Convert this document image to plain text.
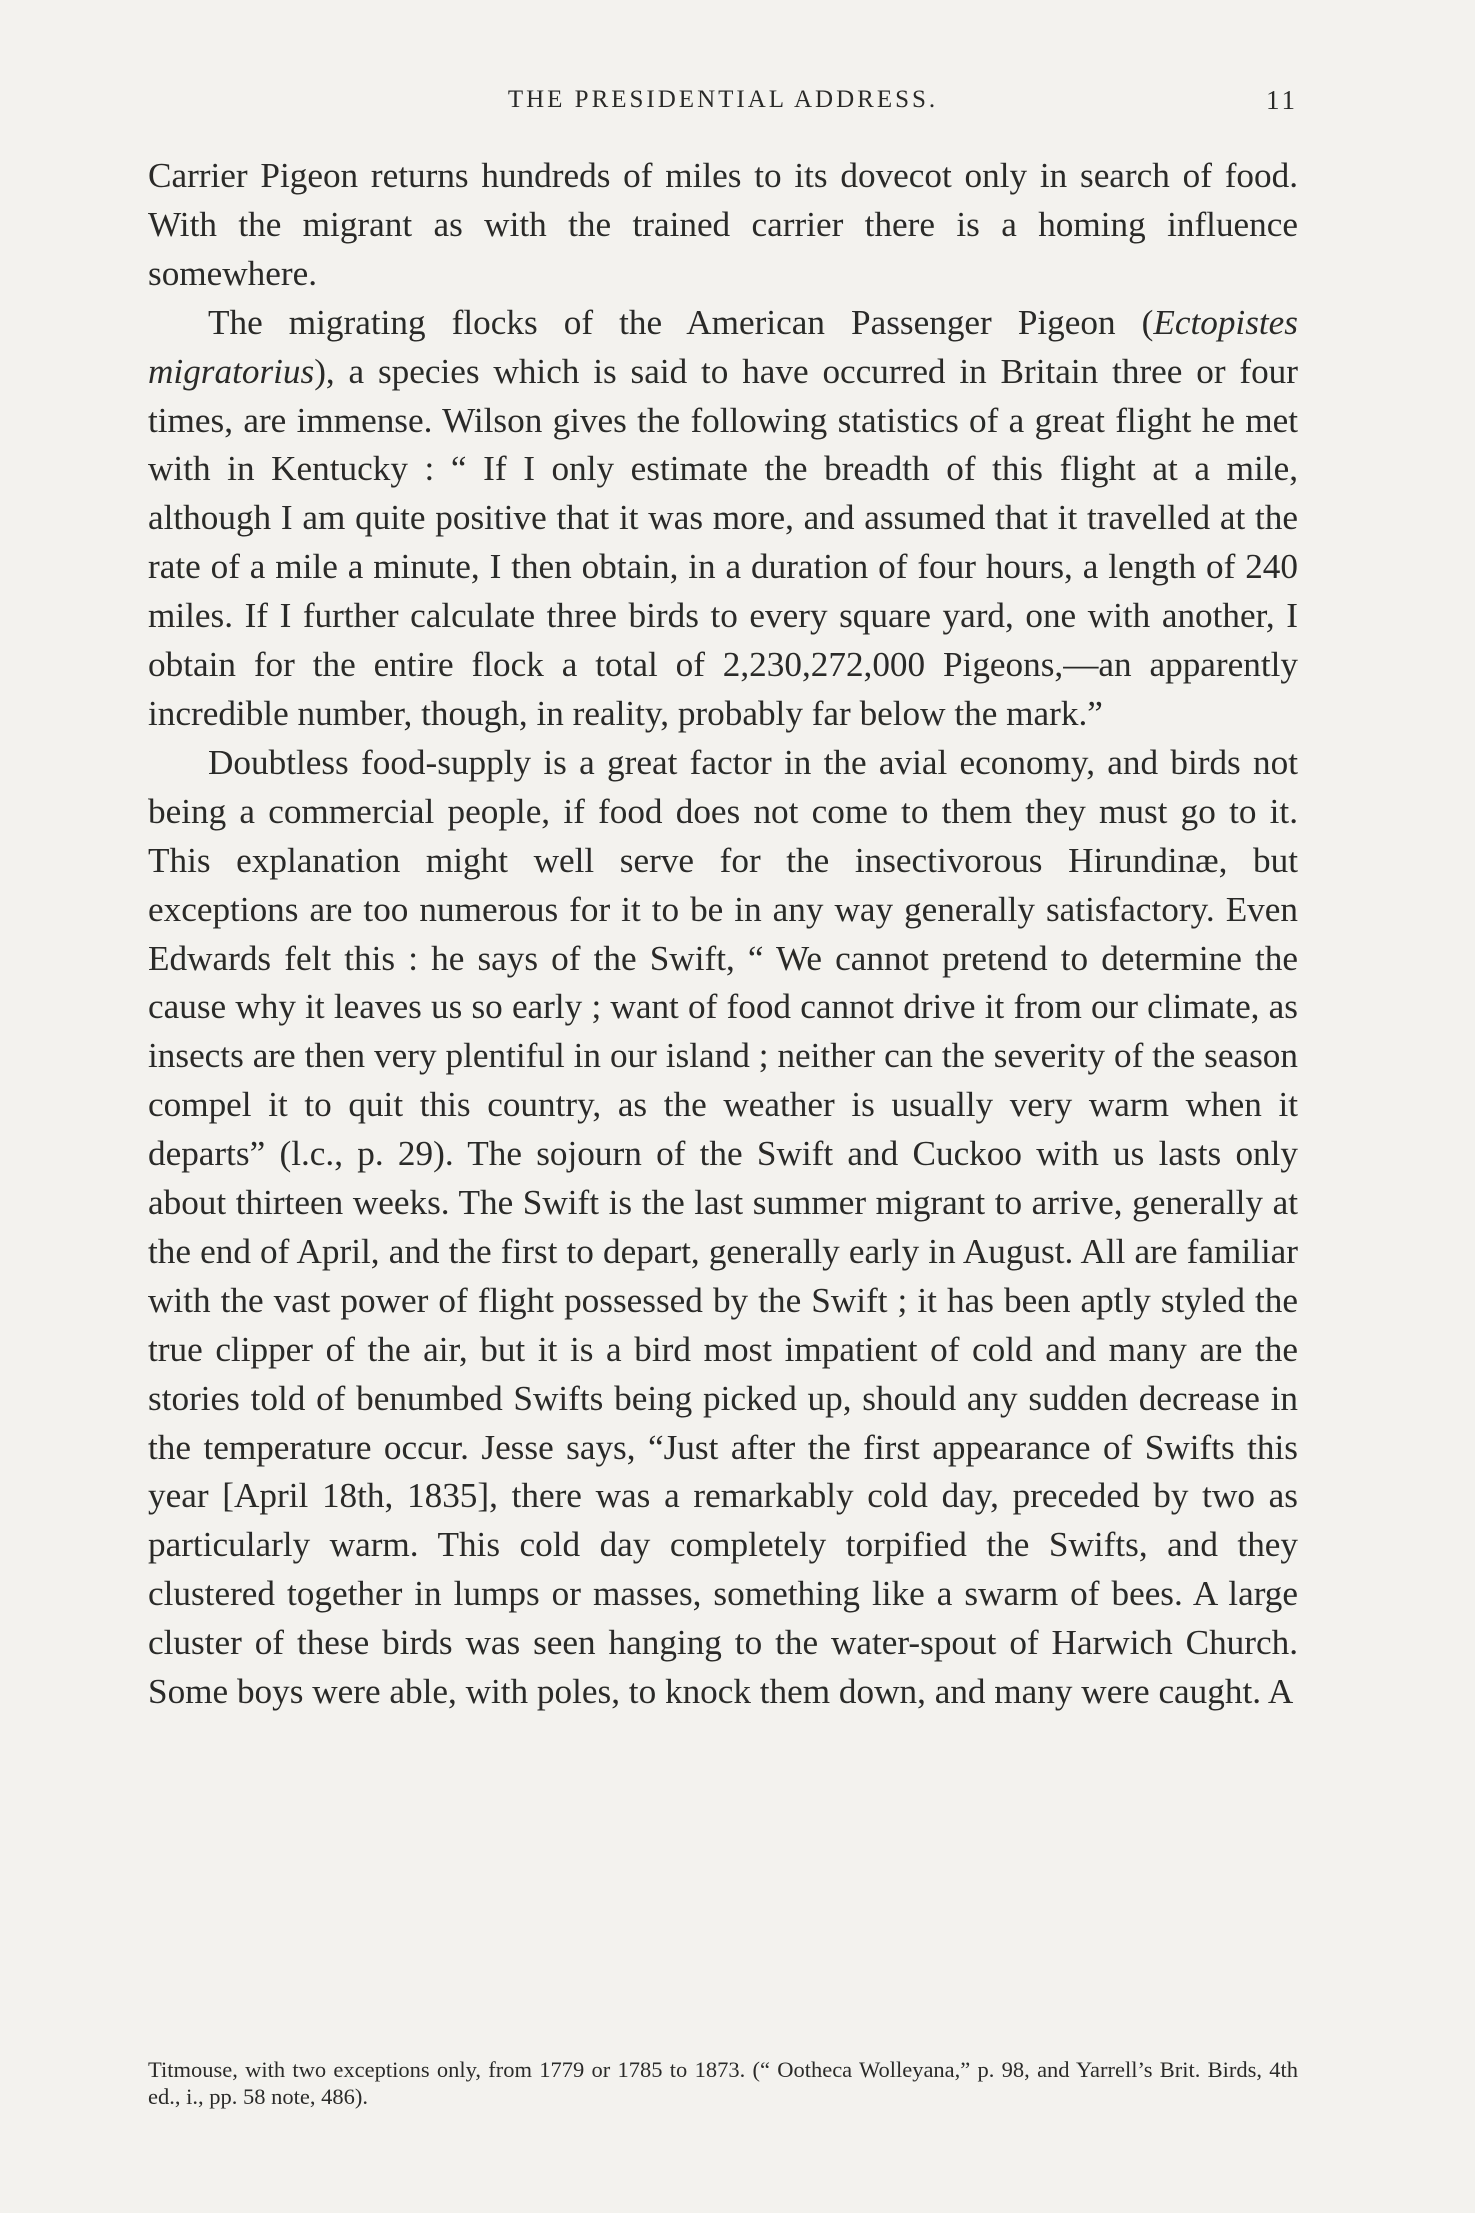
THE PRESIDENTIAL ADDRESS.	11

Carrier Pigeon returns hundreds of miles to its dovecot only in search of food. With the migrant as with the trained carrier there is a homing influence somewhere.

The migrating flocks of the American Passenger Pigeon (Ectopistes migratorius), a species which is said to have occurred in Britain three or four times, are immense. Wilson gives the following statistics of a great flight he met with in Kentucky : “ If I only estimate the breadth of this flight at a mile, although I am quite positive that it was more, and assumed that it travelled at the rate of a mile a minute, I then obtain, in a duration of four hours, a length of 240 miles. If I further calculate three birds to every square yard, one with another, I obtain for the entire flock a total of 2,230,272,000 Pigeons,—an apparently incredible number, though, in reality, probably far below the mark.”

Doubtless food-supply is a great factor in the avial economy, and birds not being a commercial people, if food does not come to them they must go to it. This explanation might well serve for the insectivorous Hirundinæ, but exceptions are too numerous for it to be in any way generally satisfactory. Even Edwards felt this : he says of the Swift, “ We cannot pretend to determine the cause why it leaves us so early ; want of food cannot drive it from our climate, as insects are then very plentiful in our island ; neither can the severity of the season compel it to quit this country, as the weather is usually very warm when it departs” (l.c., p. 29). The sojourn of the Swift and Cuckoo with us lasts only about thirteen weeks. The Swift is the last summer migrant to arrive, generally at the end of April, and the first to depart, generally early in August. All are familiar with the vast power of flight possessed by the Swift ; it has been aptly styled the true clipper of the air, but it is a bird most impatient of cold and many are the stories told of benumbed Swifts being picked up, should any sudden decrease in the temperature occur. Jesse says, “Just after the first appearance of Swifts this year [April 18th, 1835], there was a remarkably cold day, preceded by two as particularly warm. This cold day completely torpified the Swifts, and they clustered together in lumps or masses, something like a swarm of bees. A large cluster of these birds was seen hanging to the water-spout of Harwich Church. Some boys were able, with poles, to knock them down, and many were caught. A

Titmouse, with two exceptions only, from 1779 or 1785 to 1873. (“ Ootheca Wolleyana,” p. 98, and Yarrell’s Brit. Birds, 4th ed., i., pp. 58 note, 486).
